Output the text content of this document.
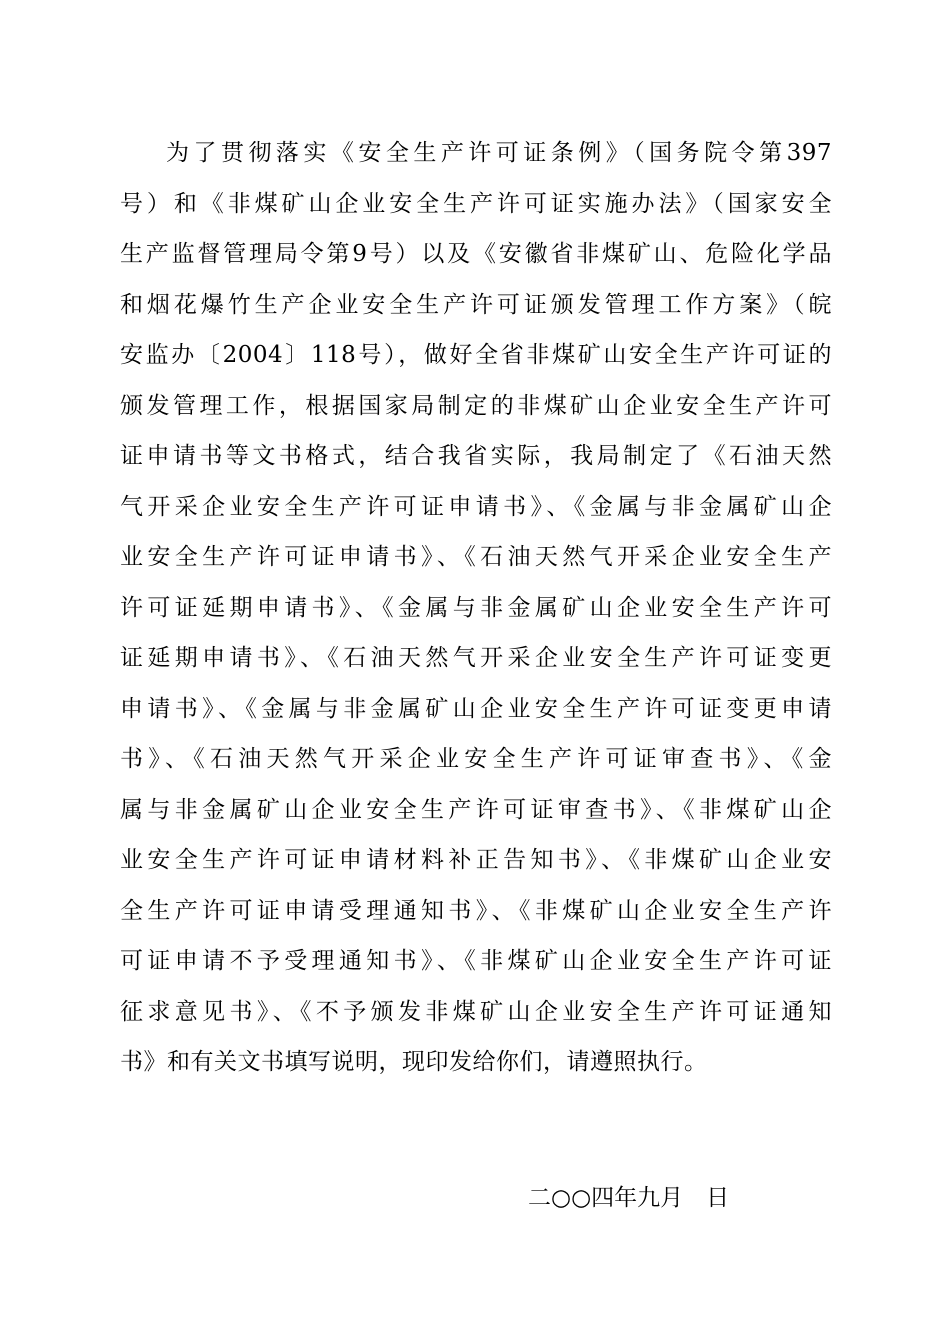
为了贯彻落实《安全生产许可证条例》（国务院令第397
号）和《非煤矿山企业安全生产许可证实施办法》（国家安全
生产监督管理局令第9号）以及《安徽省非煤矿山、危险化学品
和烟花爆竹生产企业安全生产许可证颁发管理工作方案》（皖
安监办〔2004〕118号），做好全省非煤矿山安全生产许可证的
颁发管理工作，根据国家局制定的非煤矿山企业安全生产许可
证申请书等文书格式，结合我省实际，我局制定了《石油天然
气开采企业安全生产许可证申请书》、《金属与非金属矿山企
业安全生产许可证申请书》、《石油天然气开采企业安全生产
许可证延期申请书》、《金属与非金属矿山企业安全生产许可
证延期申请书》、《石油天然气开采企业安全生产许可证变更
申请书》、《金属与非金属矿山企业安全生产许可证变更申请
书》、《石油天然气开采企业安全生产许可证审查书》、《金
属与非金属矿山企业安全生产许可证审查书》、《非煤矿山企
业安全生产许可证申请材料补正告知书》、《非煤矿山企业安
全生产许可证申请受理通知书》、《非煤矿山企业安全生产许
可证申请不予受理通知书》、《非煤矿山企业安全生产许可证
征求意见书》、《不予颁发非煤矿山企业安全生产许可证通知
书》和有关文书填写说明，现印发给你们，请遵照执行。
二○○四年九月　日
